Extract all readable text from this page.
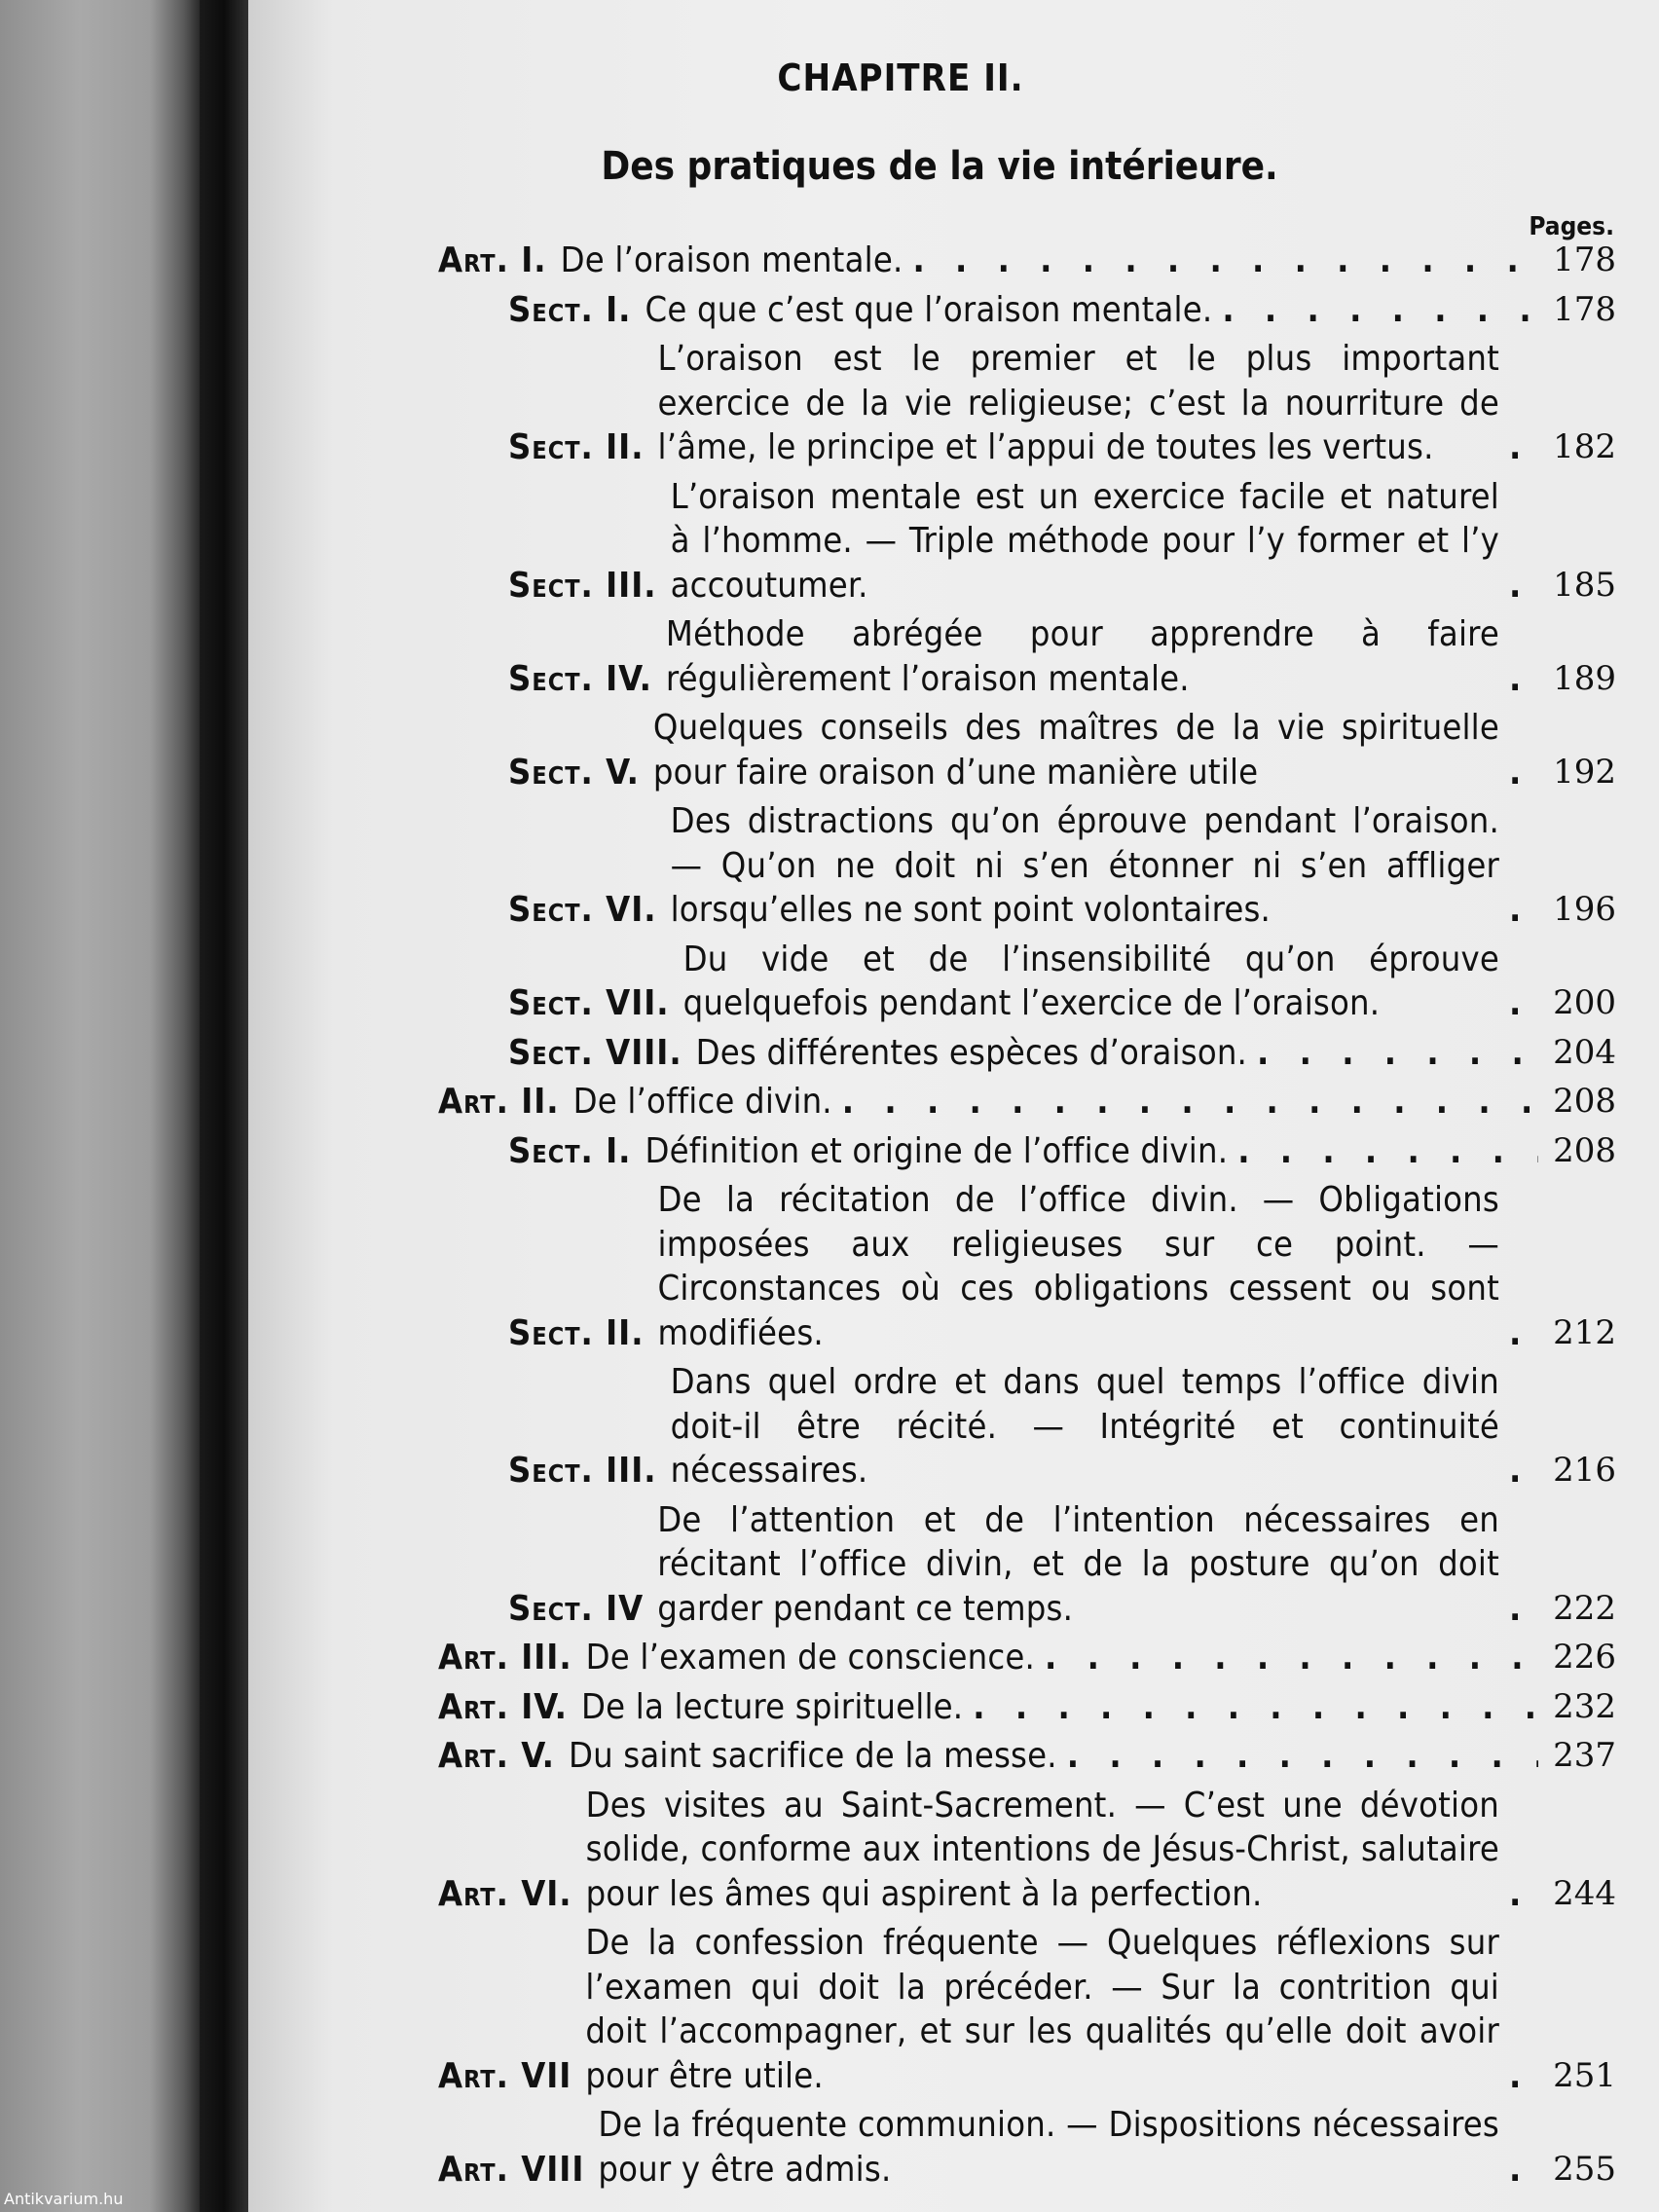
CHAPITRE II.
Des pratiques de la vie intérieure.
Pages.
Art. I. De l’oraison mentale. . . .	178
Sect. I. Ce que c’est que l’oraison mentale. . . .	178
Sect. II.
L’oraison est le premier et le plus important exercice de la vie religieuse; c’est la nourriture de l’âme, le principe et l’appui de toutes les vertus. . . .	182
Sect. III.
L’oraison mentale est un exercice facile et naturel à l’homme. — Triple méthode pour l’y former et l’y accoutumer. . . .	185
Sect. IV.
Méthode abrégée pour apprendre à faire régulièrement l’oraison mentale. . . .	189
Sect. V.
Quelques conseils des maîtres de la vie spirituelle pour faire oraison d’une manière utile . . .	192
Sect. VI.
Des distractions qu’on éprouve pendant l’oraison. — Qu’on ne doit ni s’en étonner ni s’en affliger lorsqu’elles ne sont point volontaires. . . .	196
Sect. VII.
Du vide et de l’insensibilité qu’on éprouve quelquefois pendant l’exercice de l’oraison. . . .	200
Sect. VIII. Des différentes espèces d’oraison. . . .	204
Art. II. De l’office divin. . . .	208
Sect. I. Définition et origine de l’office divin. . . .	208
Sect. II.
De la récitation de l’office divin. — Obligations imposées aux religieuses sur ce point. — Circonstances où ces obligations cessent ou sont modifiées. . . .	212
Sect. III.
Dans quel ordre et dans quel temps l’office divin doit-il être récité. — Intégrité et continuité nécessaires. . . .	216
Sect. IV
De l’attention et de l’intention nécessaires en récitant l’office divin, et de la posture qu’on doit garder pendant ce temps. . . .	222
Art. III. De l’examen de conscience. . . .	226
Art. IV. De la lecture spirituelle. . . .	232
Art. V. Du saint sacrifice de la messe. . . .	237
Art. VI.
Des visites au Saint-Sacrement. — C’est une dévotion solide, conforme aux intentions de Jésus-Christ, salutaire pour les âmes qui aspirent à la perfection. . . .	244
Art. VII
De la confession fréquente — Quelques réflexions sur l’examen qui doit la précéder. — Sur la contrition qui doit l’accompagner, et sur les qualités qu’elle doit avoir pour être utile. . . .	251
Art. VIII
De la fréquente communion. — Dispositions nécessaires pour y être admis. . . .	255
Antikvarium.hu
